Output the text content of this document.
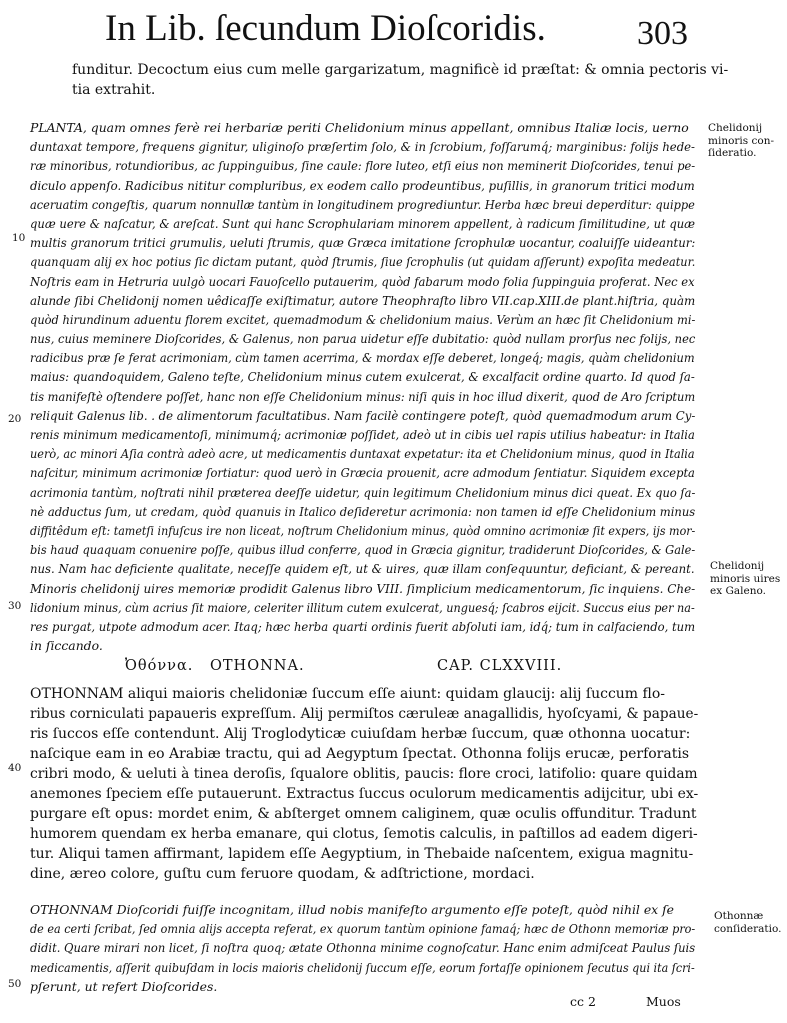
In Lib. ſecundum Dioſcoridis.	303
funditur. Decoctum eius cum melle gargarizatum, magnificè id præſtat: & omnia pectoris vi-
tia extrahit.
PLANTA, quam omnes ferè rei herbariæ periti Chelidonium minus appellant, omnibus Italiæ locis, uerno
duntaxat tempore, frequens gignitur, uliginoſo præſertim ſolo, & in ſcrobium, foſſarumq́; marginibus: folijs hede-
ræ minoribus, rotundioribus, ac ſuppinguibus, ſine caule: flore luteo, etſi eius non meminerit Dioſcorides, tenui pe-
diculo appenſo. Radicibus nititur compluribus, ex eodem callo prodeuntibus, puſillis, in granorum tritici modum
aceruatim congeſtis, quarum nonnullæ tantùm in longitudinem progrediuntur. Herba hæc breui deperditur: quippe
quæ uere & naſcatur, & areſcat. Sunt qui hanc Scrophulariam minorem appellent, à radicum ſimilitudine, ut quæ
multis granorum tritici grumulis, ueluti ſtrumis, quæ Græca imitatione ſcrophulæ uocantur, coaluiſſe uideantur:
quanquam alij ex hoc potius ſic dictam putant, quòd ſtrumis, ſiue ſcrophulis (ut quidam aſſerunt) expoſita medeatur.
Noſtris eam in Hetruria uulgò uocari Fauoſcello putauerim, quòd fabarum modo folia ſuppinguia proferat. Nec ex
alunde ſibi Chelidonij nomen uêdicaſſe exiſtimatur, autore Theophraſto libro VII.cap.XIII.de plant.hiſtria, quàm
quòd hirundinum aduentu florem excitet, quemadmodum & chelidonium maius. Verùm an hæc ſit Chelidonium mi-
nus, cuius meminere Dioſcorides, & Galenus, non parua uidetur eſſe dubitatio: quòd nullam prorſus nec folijs, nec
radicibus præ ſe ferat acrimoniam, cùm tamen acerrima, & mordax eſſe deberet, longeq́; magis, quàm chelidonium
maius: quandoquidem, Galeno teſte, Chelidonium minus cutem exulcerat, & excalfacit ordine quarto. Id quod ſa-
tis manifeſtè oſtendere poſſet, hanc non eſſe Chelidonium minus: niſi quis in hoc illud dixerit, quod de Aro ſcriptum
reliquit Galenus lib. . de alimentorum facultatibus. Nam facilè contingere poteſt, quòd quemadmodum arum Cy-
renis minimum medicamentoſi, minimumq́; acrimoniæ poſſidet, adeò ut in cibis uel rapis utilius habeatur: in Italia
uerò, ac minori Aſia contrà adeò acre, ut medicamentis duntaxat expetatur: ita et Chelidonium minus, quod in Italia
naſcitur, minimum acrimoniæ ſortiatur: quod uerò in Græcia prouenit, acre admodum ſentiatur. Siquidem excepta
acrimonia tantùm, noſtrati nihil præterea deeſſe uidetur, quin legitimum Chelidonium minus dici queat. Ex quo ſa-
nè adductus ſum, ut credam, quòd quanuis in Italico deſideretur acrimonia: non tamen id eſſe Chelidonium minus
diffitêdum eſt: tametſi infuſcus ire non liceat, noſtrum Chelidonium minus, quòd omnino acrimoniæ ſit expers, ijs mor-
bis haud quaquam conuenire poſſe, quibus illud conferre, quod in Græcia gignitur, tradiderunt Dioſcorides, & Gale-
nus. Nam hac deficiente qualitate, neceſſe quidem eſt, ut & uires, quæ illam conſequuntur, deficiant, & pereant.
Minoris chelidonij uires memoriæ prodidit Galenus libro VIII. ſimplicium medicamentorum, ſic inquiens. Che-
lidonium minus, cùm acrius ſit maiore, celeriter illitum cutem exulcerat, unguesq́; ſcabros eijcit. Succus eius per na-
res purgat, utpote admodum acer. Itaq; hæc herba quarti ordinis fuerit abſoluti iam, idq́; tum in calfaciendo, tum
in ſiccando.
Chelidonij
minoris con-
ſideratio.
Chelidonij
minoris uires
ex Galeno.
Othonnæ
conſideratio.
10
20
30
40
50
Ὀθόννα. OTHONNA.	CAP. CLXXVIII.
OTHONNAM aliqui maioris chelidoniæ ſuccum eſſe aiunt: quidam glaucij: alij ſuccum flo-
ribus corniculati papaueris expreſſum. Alij permiſtos cæruleæ anagallidis, hyoſcyami, & papaue-
ris ſuccos eſſe contendunt. Alij Troglodyticæ cuiuſdam herbæ ſuccum, quæ othonna uocatur:
naſcique eam in eo Arabiæ tractu, qui ad Aegyptum ſpectat. Othonna folijs erucæ, perforatis
cribri modo, & ueluti à tinea deroſis, ſqualore oblitis, paucis: flore croci, latifolio: quare quidam
anemones ſpeciem eſſe putauerunt. Extractus ſuccus oculorum medicamentis adijcitur, ubi ex-
purgare eſt opus: mordet enim, & abſterget omnem caliginem, quæ oculis offunditur. Tradunt
humorem quendam ex herba emanare, qui clotus, ſemotis calculis, in paſtillos ad eadem digeri-
tur. Aliqui tamen affirmant, lapidem eſſe Aegyptium, in Thebaide naſcentem, exigua magnitu-
dine, æreo colore, guſtu cum feruore quodam, & adſtrictione, mordaci.
OTHONNAM Dioſcoridi fuiſſe incognitam, illud nobis manifeſto argumento eſſe poteſt, quòd nihil ex ſe
de ea certi ſcribat, ſed omnia alijs accepta referat, ex quorum tantùm opinione famaq́; hæc de Othonn memoriæ pro-
didit. Quare mirari non licet, ſi noſtra quoq; ætate Othonna minime cognoſcatur. Hanc enim admiſceat Paulus ſuis
medicamentis, aſſerit quibuſdam in locis maioris chelidonij ſuccum eſſe, eorum fortaſſe opinionem ſecutus qui ita ſcri-
pſerunt, ut refert Dioſcorides.
cc 2	Muos
